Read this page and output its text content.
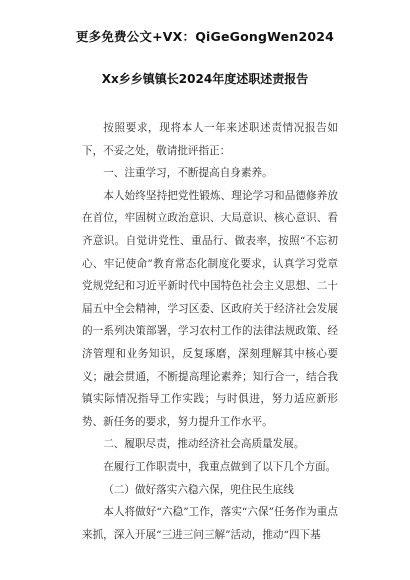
更多免费公文+VX：QiGeGongWen2024
Xx乡乡镇镇长2024年度述职述责报告

按照要求，现将本人一年来述职述责情况报告如下，不妥之处，敬请批评指正：

一、注重学习，不断提高自身素养。

本人始终坚持把党性锻炼、理论学习和品德修养放在首位，牢固树立政治意识、大局意识、核心意识、看齐意识。自觉讲党性、重品行、做表率，按照“不忘初心、牢记使命”教育常态化制度化要求，认真学习党章党规党纪和习近平新时代中国特色社会主义思想、二十届五中全会精神，学习区委、区政府关于经济社会发展的一系列决策部署，学习农村工作的法律法规政策、经济管理和业务知识，反复琢磨，深刻理解其中核心要义；融会贯通，不断提高理论素养；知行合一，结合我镇实际情况指导工作实践；与时俱进，努力适应新形势、新任务的要求，努力提升工作水平。

二、履职尽责，推动经济社会高质量发展。

在履行工作职责中，我重点做到了以下几个方面。

（二）做好落实六稳六保，兜住民生底线

本人将做好“六稳”工作，落实“六保”任务作为重点来抓，深入开展“三进三问三解”活动，推动“四下基
